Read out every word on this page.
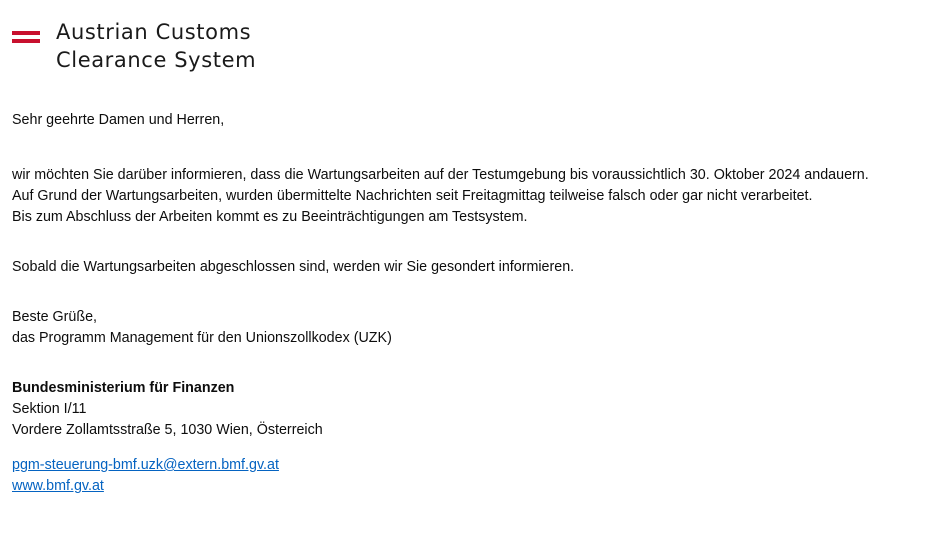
Austrian Customs
Clearance System

Sehr geehrte Damen und Herren,

wir möchten Sie darüber informieren, dass die Wartungsarbeiten auf der Testumgebung bis voraussichtlich 30. Oktober 2024 andauern.
Auf Grund der Wartungsarbeiten, wurden übermittelte Nachrichten seit Freitagmittag teilweise falsch oder gar nicht verarbeitet.
Bis zum Abschluss der Arbeiten kommt es zu Beeinträchtigungen am Testsystem.

Sobald die Wartungsarbeiten abgeschlossen sind, werden wir Sie gesondert informieren.

Beste Grüße,
das Programm Management für den Unionszollkodex (UZK)
Bundesministerium für Finanzen
Sektion I/11
Vordere Zollamtsstraße 5, 1030 Wien, Österreich
pgm-steuerung-bmf.uzk@extern.bmf.gv.at
www.bmf.gv.at
